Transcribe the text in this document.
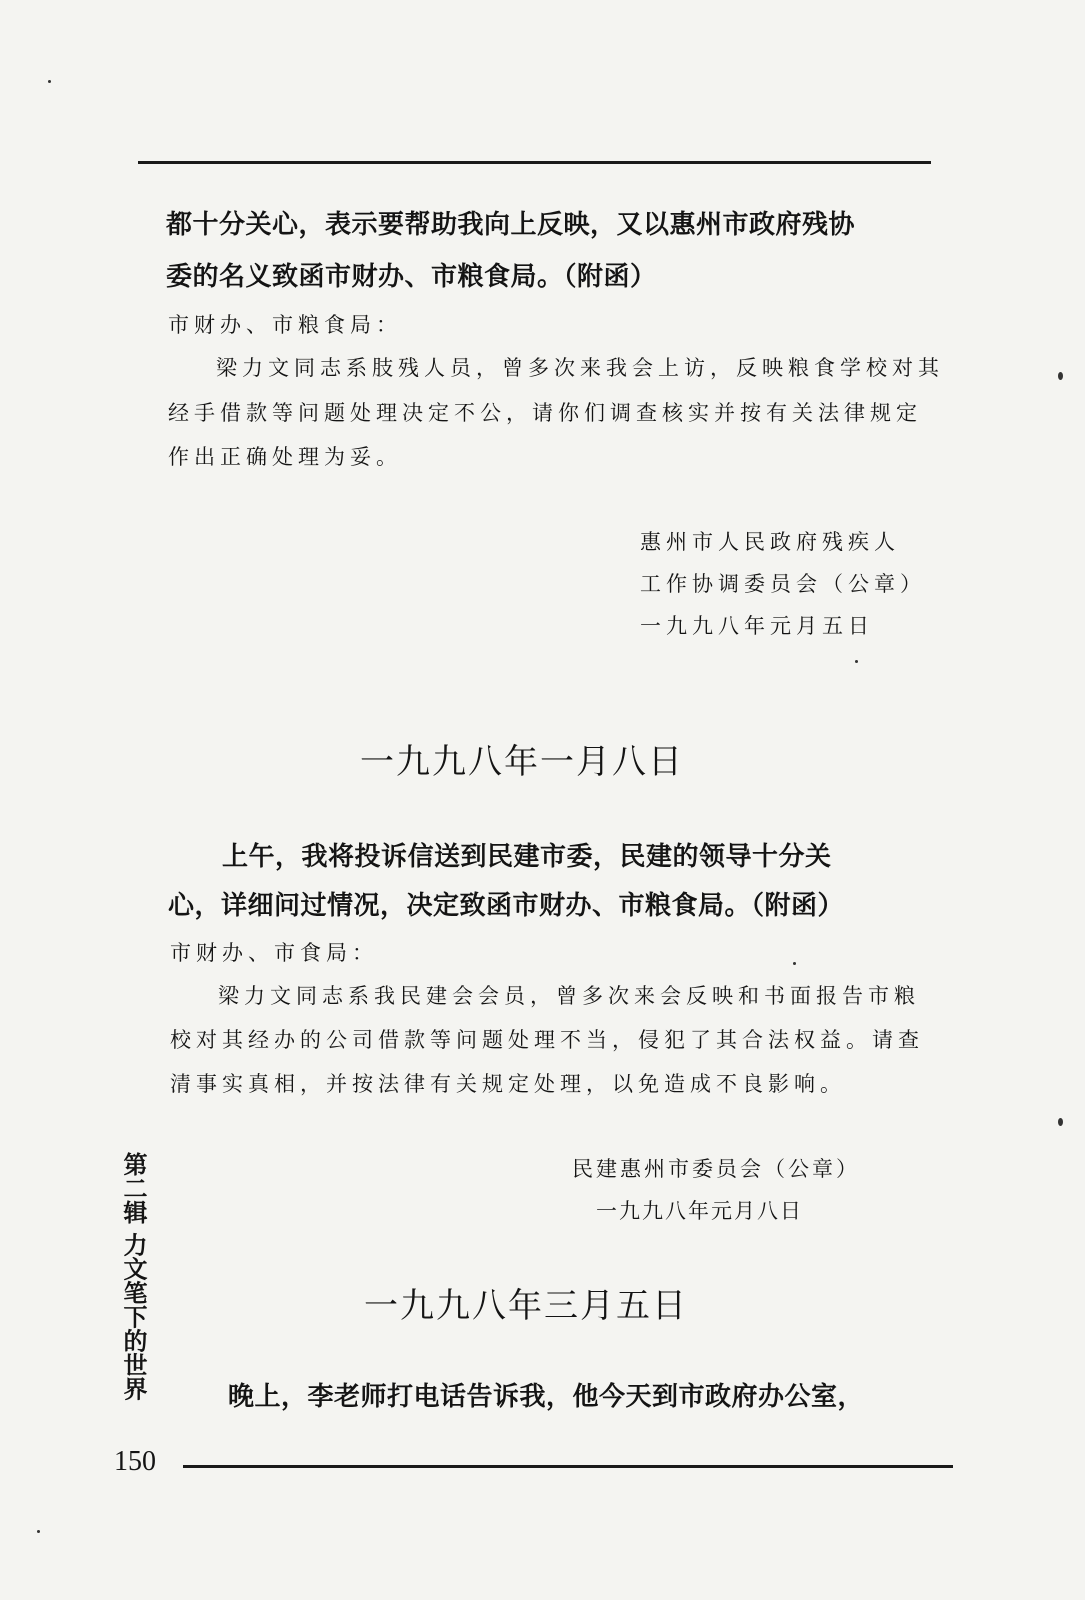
都十分关心，表示要帮助我向上反映，又以惠州市政府残协
委的名义致函市财办、市粮食局。（附函）
市财办、市粮食局：
梁力文同志系肢残人员，曾多次来我会上访，反映粮食学校对其
经手借款等问题处理决定不公，请你们调查核实并按有关法律规定
作出正确处理为妥。
惠州市人民政府残疾人
工作协调委员会（公章）
一九九八年元月五日
一九九八年一月八日
上午，我将投诉信送到民建市委，民建的领导十分关
心，详细问过情况，决定致函市财办、市粮食局。（附函）
市财办、市食局：
梁力文同志系我民建会会员，曾多次来会反映和书面报告市粮
校对其经办的公司借款等问题处理不当，侵犯了其合法权益。请查
清事实真相，并按法律有关规定处理，以免造成不良影响。
民建惠州市委员会（公章）
一九九八年元月八日
一九九八年三月五日
晚上，李老师打电话告诉我，他今天到市政府办公室，
第二辑 力文笔下的世界
150
